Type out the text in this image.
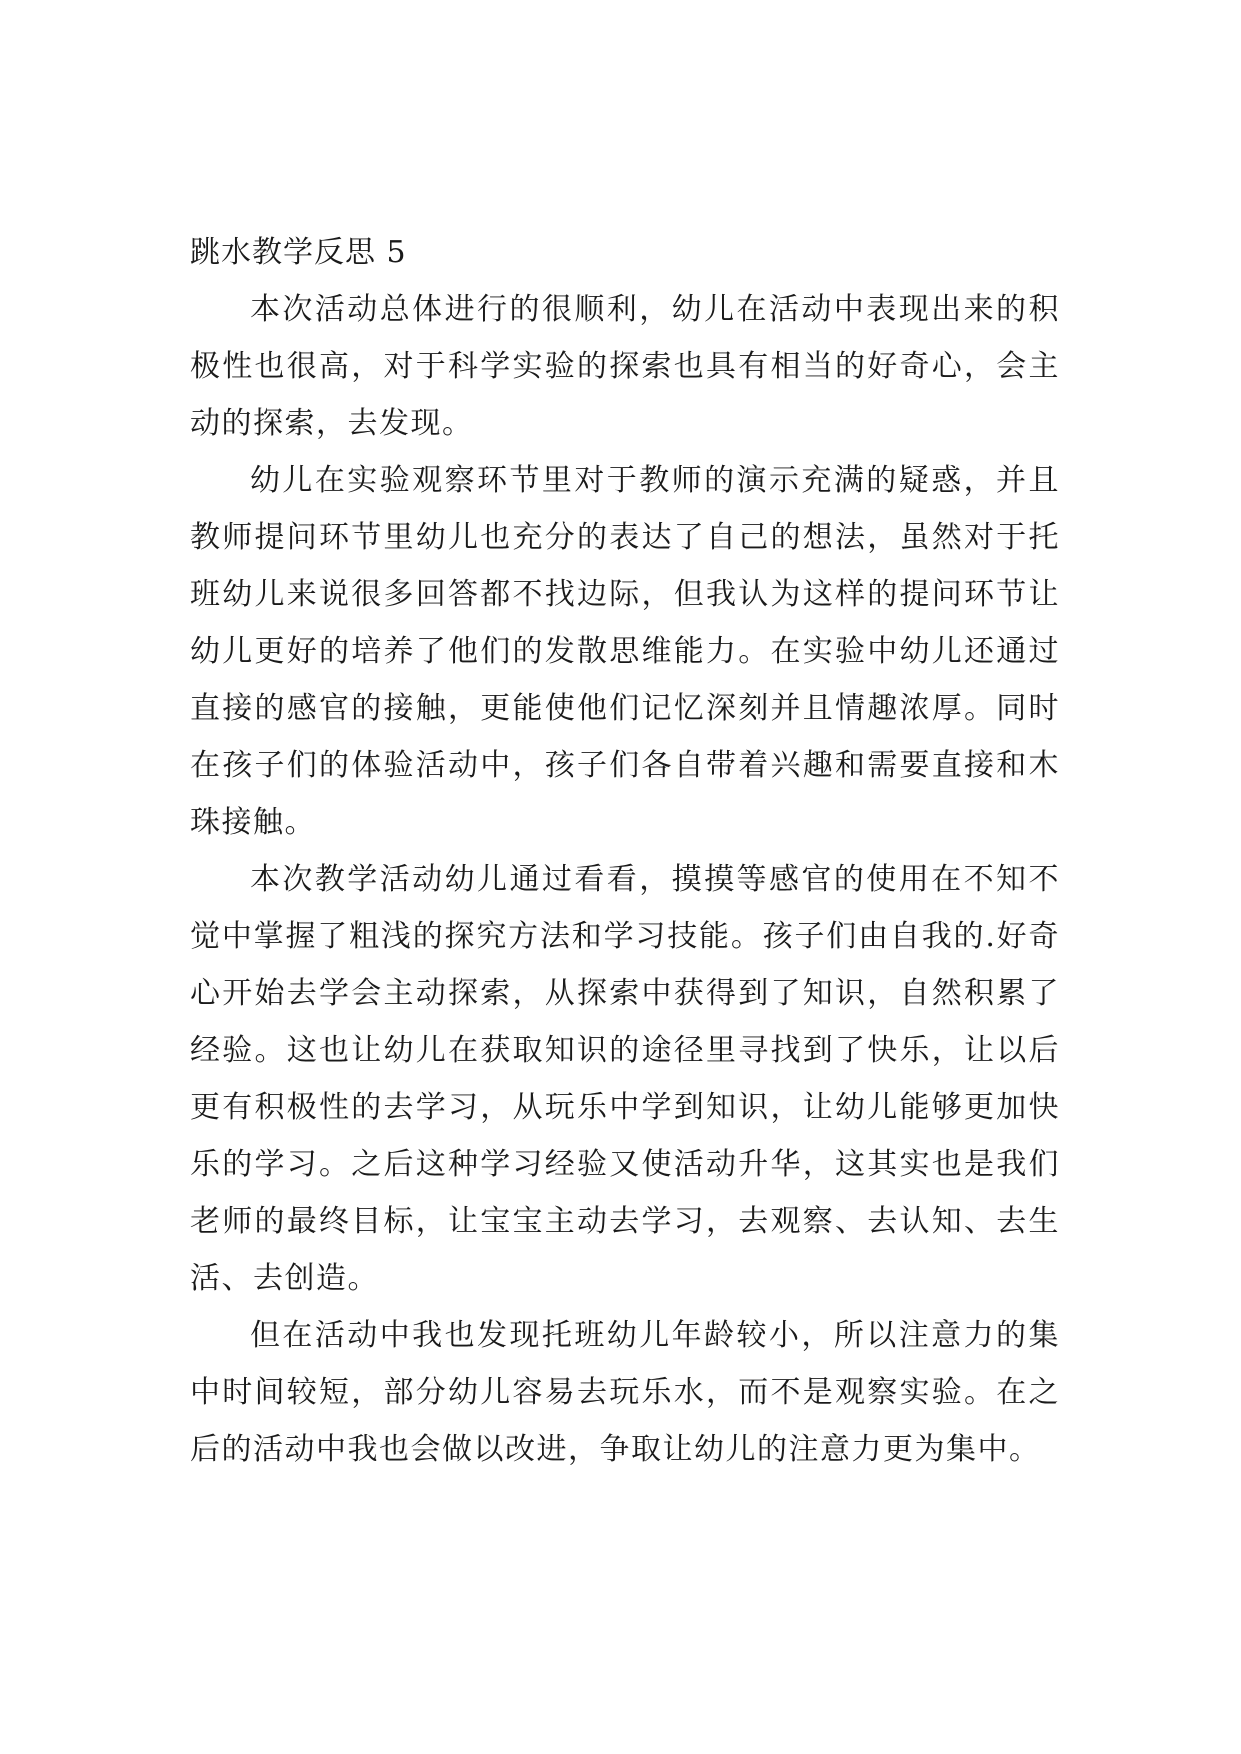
跳水教学反思 5

本次活动总体进行的很顺利，幼儿在活动中表现出来的积极性也很高，对于科学实验的探索也具有相当的好奇心，会主动的探索，去发现。

幼儿在实验观察环节里对于教师的演示充满的疑惑，并且教师提问环节里幼儿也充分的表达了自己的想法，虽然对于托班幼儿来说很多回答都不找边际，但我认为这样的提问环节让幼儿更好的培养了他们的发散思维能力。在实验中幼儿还通过直接的感官的接触，更能使他们记忆深刻并且情趣浓厚。同时在孩子们的体验活动中，孩子们各自带着兴趣和需要直接和木珠接触。

本次教学活动幼儿通过看看，摸摸等感官的使用在不知不觉中掌握了粗浅的探究方法和学习技能。孩子们由自我的.好奇心开始去学会主动探索，从探索中获得到了知识，自然积累了经验。这也让幼儿在获取知识的途径里寻找到了快乐，让以后更有积极性的去学习，从玩乐中学到知识，让幼儿能够更加快乐的学习。之后这种学习经验又使活动升华，这其实也是我们老师的最终目标，让宝宝主动去学习，去观察、去认知、去生活、去创造。

但在活动中我也发现托班幼儿年龄较小，所以注意力的集中时间较短，部分幼儿容易去玩乐水，而不是观察实验。在之后的活动中我也会做以改进，争取让幼儿的注意力更为集中。
